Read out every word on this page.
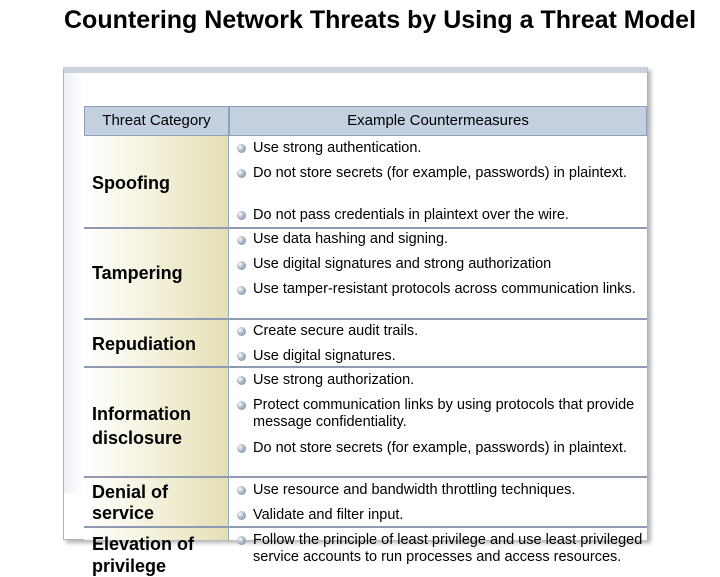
Countering Network Threats by Using a Threat Model
Threat Category	Example Countermeasures
Spoofing
Use strong authentication.
Do not store secrets (for example, passwords) in plaintext.
Do not pass credentials in plaintext over the wire.
Tampering
Use data hashing and signing.
Use digital signatures and strong authorization
Use tamper-resistant protocols across communication links.
Repudiation
Create secure audit trails.
Use digital signatures.
Information disclosure
Use strong authorization.
Protect communication links by using protocols that provide message confidentiality.
Do not store secrets (for example, passwords) in plaintext.
Denial of service
Use resource and bandwidth throttling techniques.
Validate and filter input.
Elevation of privilege
Follow the principle of least privilege and use least privileged service accounts to run processes and access resources.
